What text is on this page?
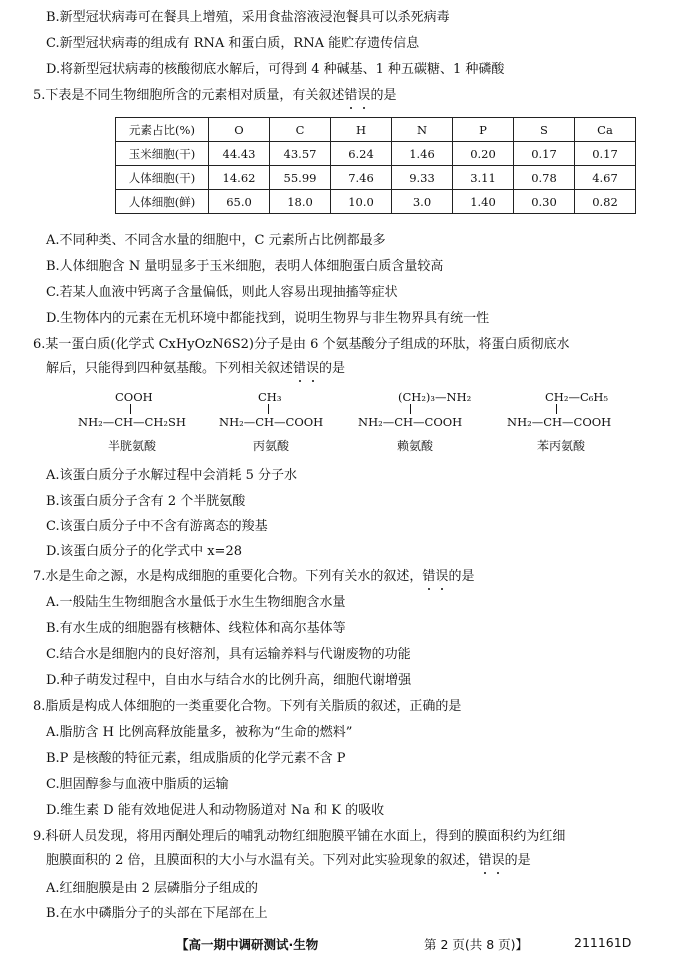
B.新型冠状病毒可在餐具上增殖，采用食盐溶液浸泡餐具可以杀死病毒
C.新型冠状病毒的组成有 RNA 和蛋白质，RNA 能贮存遗传信息
D.将新型冠状病毒的核酸彻底水解后，可得到 4 种碱基、1 种五碳糖、1 种磷酸
5.下表是不同生物细胞所含的元素相对质量，有关叙述错误的是
元素占比(%)	O	C	H	N	P	S	Ca
玉米细胞(干)	44.43	43.57	6.24	1.46	0.20	0.17	0.17
人体细胞(干)	14.62	55.99	7.46	9.33	3.11	0.78	4.67
人体细胞(鲜)	65.0	18.0	10.0	3.0	1.40	0.30	0.82
A.不同种类、不同含水量的细胞中，C 元素所占比例都最多
B.人体细胞含 N 量明显多于玉米细胞，表明人体细胞蛋白质含量较高
C.若某人血液中钙离子含量偏低，则此人容易出现抽搐等症状
D.生物体内的元素在无机环境中都能找到，说明生物界与非生物界具有统一性
6.某一蛋白质(化学式 CxHyOzN6S2)分子是由 6 个氨基酸分子组成的环肽，将蛋白质彻底水
解后，只能得到四种氨基酸。下列相关叙述错误的是
COOH
NH₂—CH—CH₂SH
半胱氨酸
CH₃
NH₂—CH—COOH
丙氨酸
(CH₂)₃—NH₂
NH₂—CH—COOH
赖氨酸
CH₂—C₆H₅
NH₂—CH—COOH
苯丙氨酸
A.该蛋白质分子水解过程中会消耗 5 分子水
B.该蛋白质分子含有 2 个半胱氨酸
C.该蛋白质分子中不含有游离态的羧基
D.该蛋白质分子的化学式中 x=28
7.水是生命之源，水是构成细胞的重要化合物。下列有关水的叙述，错误的是
A.一般陆生生物细胞含水量低于水生生物细胞含水量
B.有水生成的细胞器有核糖体、线粒体和高尔基体等
C.结合水是细胞内的良好溶剂，具有运输养料与代谢废物的功能
D.种子萌发过程中，自由水与结合水的比例升高，细胞代谢增强
8.脂质是构成人体细胞的一类重要化合物。下列有关脂质的叙述，正确的是
A.脂肪含 H 比例高释放能量多，被称为“生命的燃料”
B.P 是核酸的特征元素，组成脂质的化学元素不含 P
C.胆固醇参与血液中脂质的运输
D.维生素 D 能有效地促进人和动物肠道对 Na 和 K 的吸收
9.科研人员发现，将用丙酮处理后的哺乳动物红细胞膜平铺在水面上，得到的膜面积约为红细
胞膜面积的 2 倍，且膜面积的大小与水温有关。下列对此实验现象的叙述，错误的是
A.红细胞膜是由 2 层磷脂分子组成的
B.在水中磷脂分子的头部在下尾部在上
【高一期中调研测试·生物	第 2 页(共 8 页)】	211161D
